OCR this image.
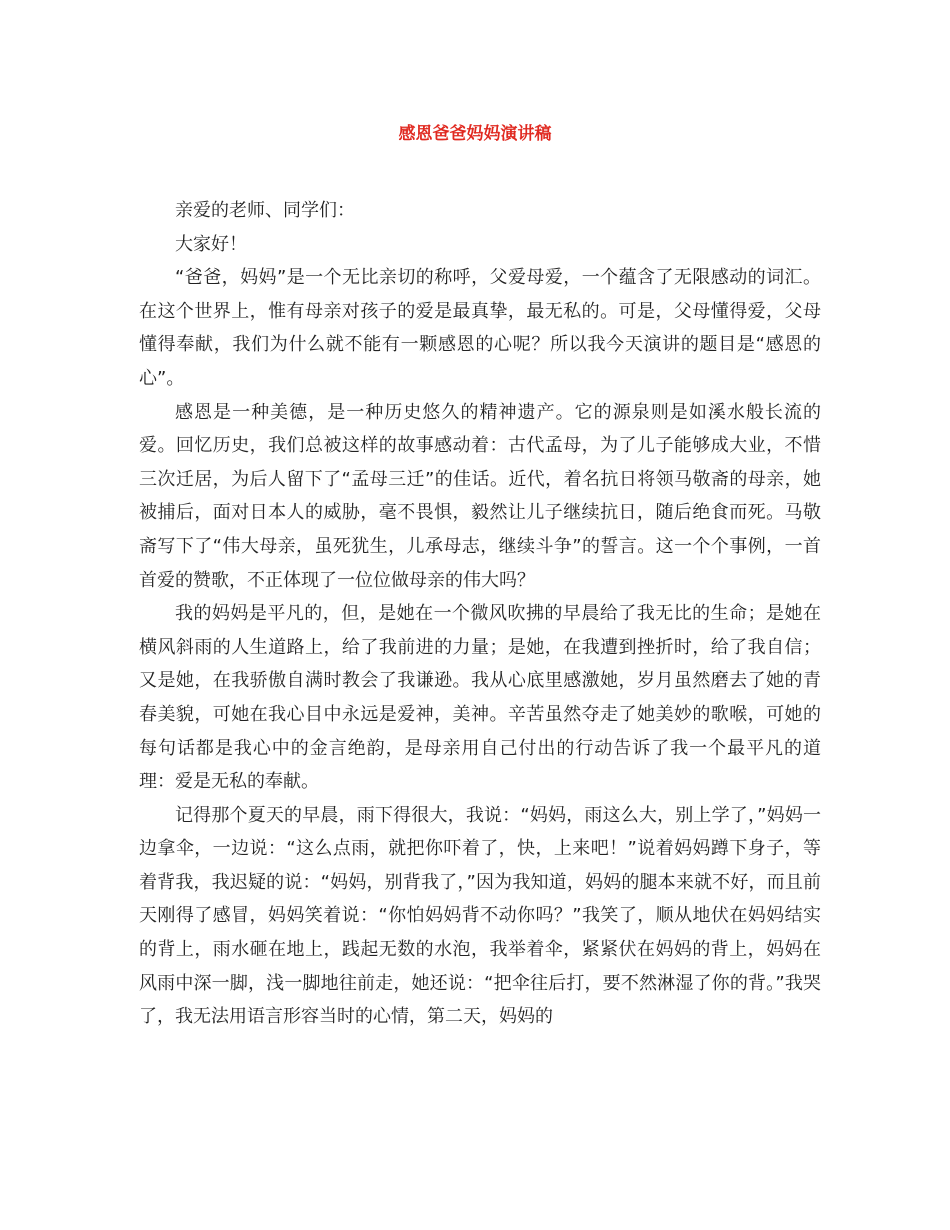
感恩爸爸妈妈演讲稿

亲爱的老师、同学们：

大家好！

“爸爸，妈妈”是一个无比亲切的称呼，父爱母爱，一个蕴含了无限感动的词汇。在这个世界上，惟有母亲对孩子的爱是最真挚，最无私的。可是，父母懂得爱，父母懂得奉献，我们为什么就不能有一颗感恩的心呢？所以我今天演讲的题目是“感恩的心”。

感恩是一种美德，是一种历史悠久的精神遗产。它的源泉则是如溪水般长流的爱。回忆历史，我们总被这样的故事感动着：古代孟母，为了儿子能够成大业，不惜三次迁居，为后人留下了“孟母三迁”的佳话。近代，着名抗日将领马敬斋的母亲，她被捕后，面对日本人的威胁，毫不畏惧，毅然让儿子继续抗日，随后绝食而死。马敬斋写下了“伟大母亲，虽死犹生，儿承母志，继续斗争”的誓言。这一个个事例，一首首爱的赞歌，不正体现了一位位做母亲的伟大吗？

我的妈妈是平凡的，但，是她在一个微风吹拂的早晨给了我无比的生命；是她在横风斜雨的人生道路上，给了我前进的力量；是她，在我遭到挫折时，给了我自信；又是她，在我骄傲自满时教会了我谦逊。我从心底里感激她，岁月虽然磨去了她的青春美貌，可她在我心目中永远是爱神，美神。辛苦虽然夺走了她美妙的歌喉，可她的每句话都是我心中的金言绝韵，是母亲用自己付出的行动告诉了我一个最平凡的道理：爱是无私的奉献。

记得那个夏天的早晨，雨下得很大，我说：“妈妈，雨这么大，别上学了，”妈妈一边拿伞，一边说：“这么点雨，就把你吓着了，快，上来吧！”说着妈妈蹲下身子，等着背我，我迟疑的说：“妈妈，别背我了，”因为我知道，妈妈的腿本来就不好，而且前天刚得了感冒，妈妈笑着说：“你怕妈妈背不动你吗？”我笑了，顺从地伏在妈妈结实的背上，雨水砸在地上，践起无数的水泡，我举着伞，紧紧伏在妈妈的背上，妈妈在风雨中深一脚，浅一脚地往前走，她还说：“把伞往后打，要不然淋湿了你的背。”我哭了，我无法用语言形容当时的心情，第二天，妈妈的
